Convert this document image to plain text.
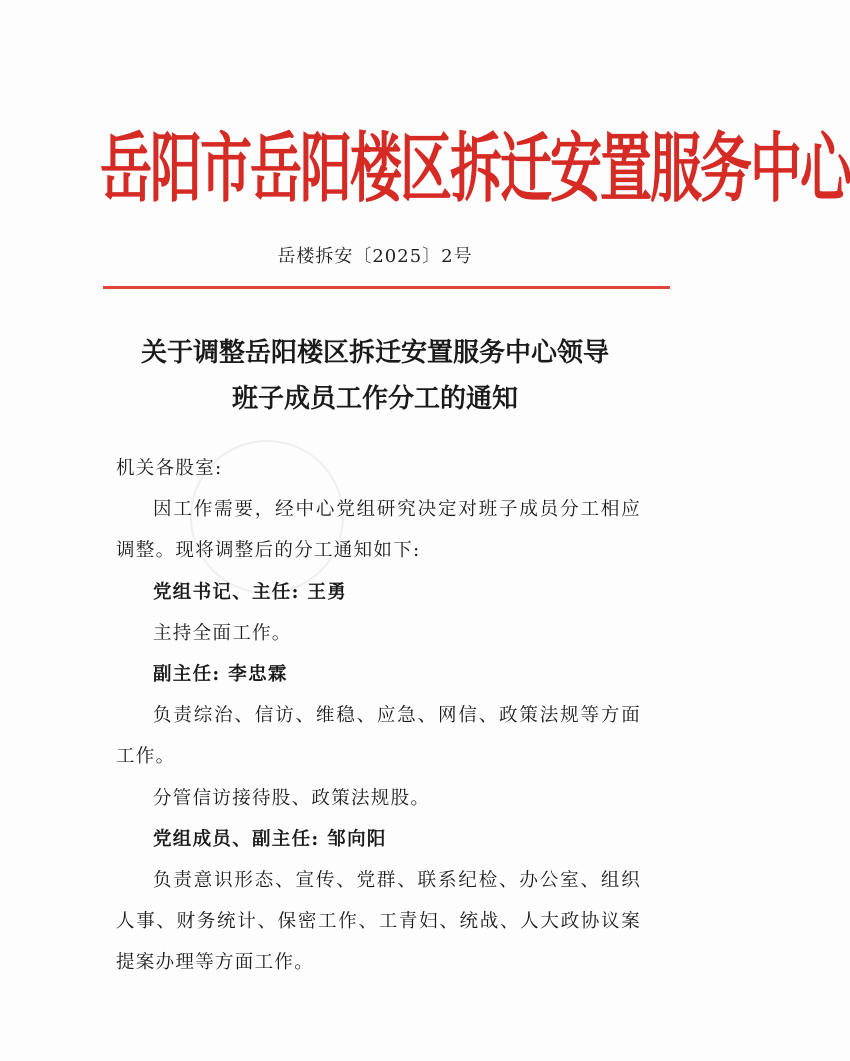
岳阳市岳阳楼区拆迁安置服务中心
岳楼拆安〔2025〕2号
关于调整岳阳楼区拆迁安置服务中心领导
班子成员工作分工的通知

机关各股室:

因工作需要，经中心党组研究决定对班子成员分工相应调整。现将调整后的分工通知如下:

党组书记、主任: 王勇

主持全面工作。

副主任: 李忠霖

负责综治、信访、维稳、应急、网信、政策法规等方面工作。

分管信访接待股、政策法规股。

党组成员、副主任: 邹向阳

负责意识形态、宣传、党群、联系纪检、办公室、组织人事、财务统计、保密工作、工青妇、统战、人大政协议案提案办理等方面工作。
